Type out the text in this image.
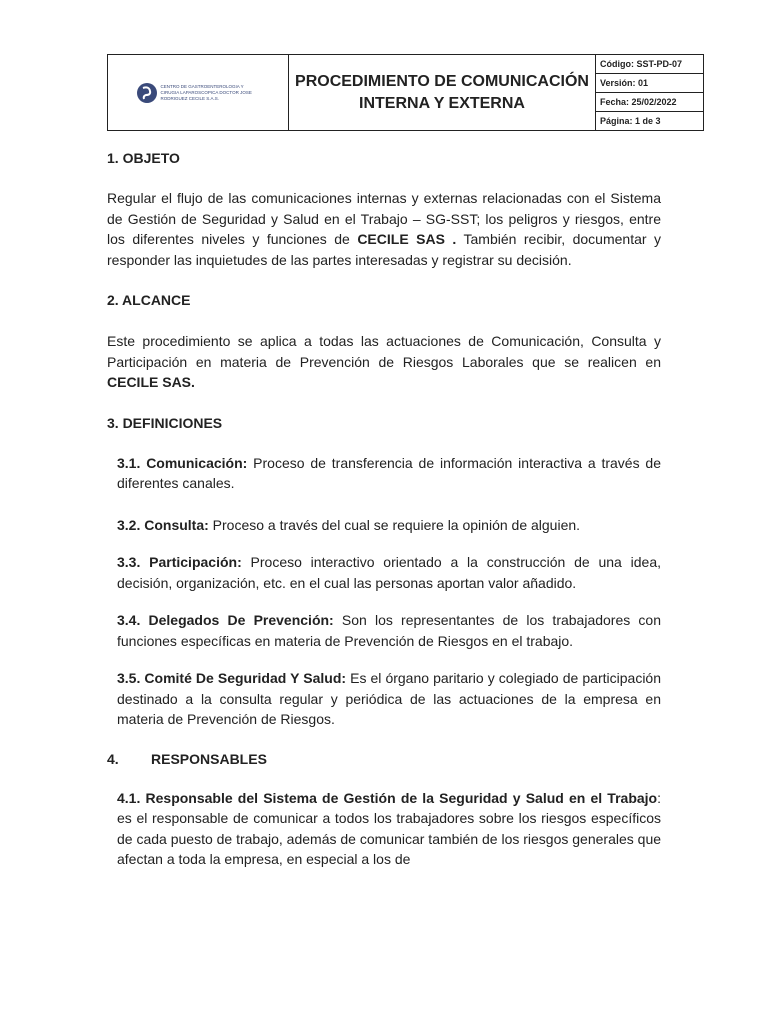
CENTRO DE GASTROENTEROLOGIA Y CIRUGIA LAPAROSCOPICA DOCTOR JOSE RODRIGUEZ CECILE S.A.S.
	PROCEDIMIENTO DE COMUNICACIÓN INTERNA Y EXTERNA	Código: SST-PD-07
Versión: 01
Fecha: 25/02/2022
Página: 1 de 3
1. OBJETO

Regular el flujo de las comunicaciones internas y externas relacionadas con el Sistema de Gestión de Seguridad y Salud en el Trabajo – SG-SST; los peligros y riesgos, entre los diferentes niveles y funciones de CECILE SAS . También recibir, documentar y responder las inquietudes de las partes interesadas y registrar su decisión.

2. ALCANCE

Este procedimiento se aplica a todas las actuaciones de Comunicación, Consulta y Participación en materia de Prevención de Riesgos Laborales que se realicen en CECILE SAS.

3. DEFINICIONES

3.1. Comunicación: Proceso de transferencia de información interactiva a través de diferentes canales.

3.2. Consulta: Proceso a través del cual se requiere la opinión de alguien.

3.3. Participación: Proceso interactivo orientado a la construcción de una idea, decisión, organización, etc. en el cual las personas aportan valor añadido.

3.4. Delegados De Prevención: Son los representantes de los trabajadores con funciones específicas en materia de Prevención de Riesgos en el trabajo.

3.5. Comité De Seguridad Y Salud: Es el órgano paritario y colegiado de participación destinado a la consulta regular y periódica de las actuaciones de la empresa en materia de Prevención de Riesgos.

4. RESPONSABLES

4.1. Responsable del Sistema de Gestión de la Seguridad y Salud en el Trabajo: es el responsable de comunicar a todos los trabajadores sobre los riesgos específicos de cada puesto de trabajo, además de comunicar también de los riesgos generales que afectan a toda la empresa, en especial a los de
